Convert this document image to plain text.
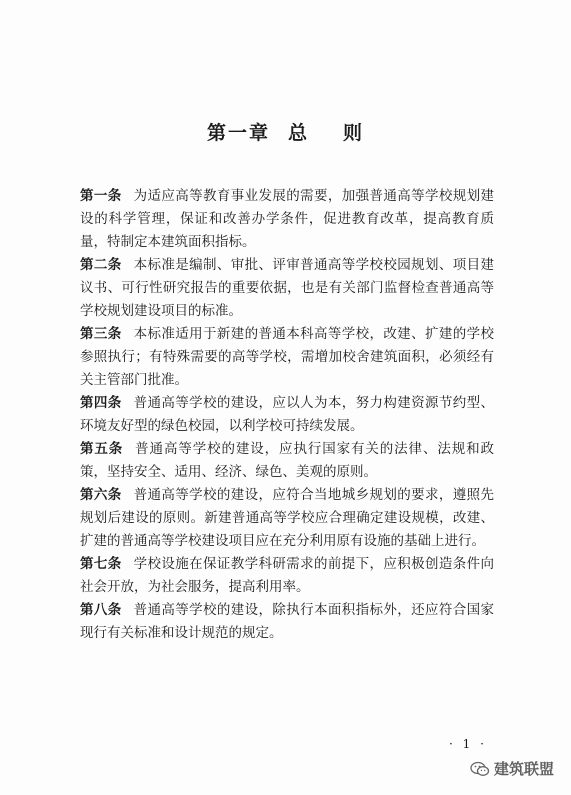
第一章 总 则

第一条 为适应高等教育事业发展的需要，加强普通高等学校规划建设的科学管理，保证和改善办学条件，促进教育改革，提高教育质量，特制定本建筑面积指标。

第二条 本标准是编制、审批、评审普通高等学校校园规划、项目建议书、可行性研究报告的重要依据，也是有关部门监督检查普通高等学校规划建设项目的标准。

第三条 本标准适用于新建的普通本科高等学校，改建、扩建的学校参照执行；有特殊需要的高等学校，需增加校舍建筑面积，必须经有关主管部门批准。

第四条 普通高等学校的建设，应以人为本，努力构建资源节约型、环境友好型的绿色校园，以利学校可持续发展。

第五条 普通高等学校的建设，应执行国家有关的法律、法规和政策，坚持安全、适用、经济、绿色、美观的原则。

第六条 普通高等学校的建设，应符合当地城乡规划的要求，遵照先规划后建设的原则。新建普通高等学校应合理确定建设规模，改建、扩建的普通高等学校建设项目应在充分利用原有设施的基础上进行。

第七条 学校设施在保证教学科研需求的前提下，应积极创造条件向社会开放，为社会服务，提高利用率。

第八条 普通高等学校的建设，除执行本面积指标外，还应符合国家现行有关标准和设计规范的规定。

· 1 ·
建筑联盟
